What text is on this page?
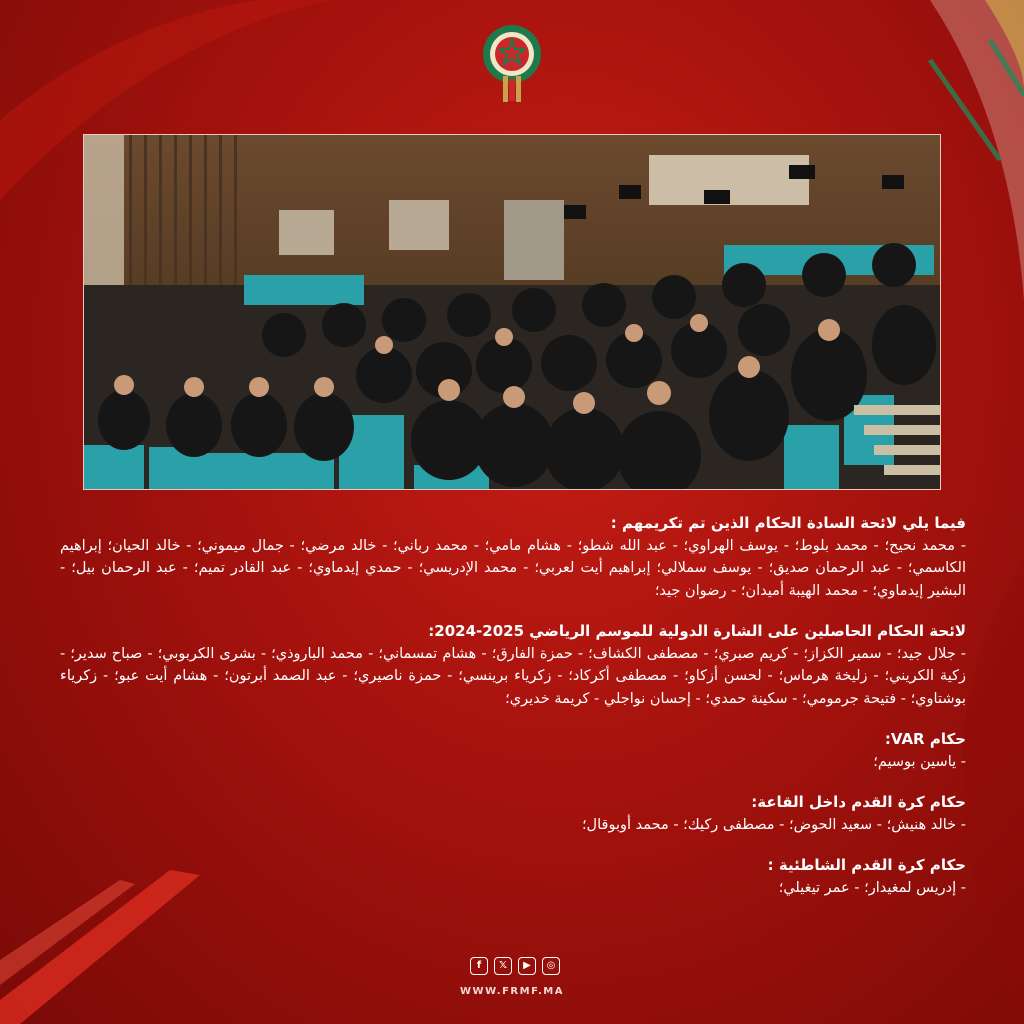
فيما يلي لائحة السادة الحكام الذين تم تكريمهم :

- محمد نحيح؛ - محمد بلوط؛ - يوسف الهراوي؛ - عبد الله شطو؛ - هشام مامي؛ - محمد رباني؛ - خالد مرضي؛ - جمال ميموني؛ - خالد الحيان؛ إبراهيم الكاسمي؛ - عبد الرحمان صديق؛ - يوسف سملالي؛ إبراهيم أيت لعربي؛ - محمد الإدريسي؛ - حمدي إيدماوي؛ - عبد القادر تميم؛ - عبد الرحمان بيل؛ - البشير إيدماوي؛ - محمد الهيبة أميدان؛ - رضوان جيد؛

لائحة الحكام الحاصلين على الشارة الدولية للموسم الرياضي 2025-2024:

- جلال جيد؛ - سمير الكزاز؛ - كريم صبري؛ - مصطفى الكشاف؛ - حمزة الفارق؛ - هشام تمسماني؛ - محمد الباروذي؛ - بشرى الكربوبي؛ - صباح سدير؛ - زكية الكريني؛ - زليخة هرماس؛ - لحسن أزكاو؛ - مصطفى أكركاد؛ - زكرياء برينسي؛ - حمزة ناصيري؛ - عبد الصمد أبرتون؛ - هشام أيت عبو؛ - زكرياء بوشتاوي؛ - فتيحة جرمومي؛ - سكينة حمدي؛ - إحسان نواجلي - كريمة خديري؛

حكام VAR:

- ياسين بوسيم؛

حكام كرة القدم داخل القاعة:

- خالد هنيش؛ - سعيد الحوض؛ - مصطفى ركيك؛ - محمد أوبوقال؛

حكام كرة القدم الشاطئية :

- إدريس لمغيدار؛ - عمر تيغيلي؛

f	𝕏	▶	◎
WWW.FRMF.MA
